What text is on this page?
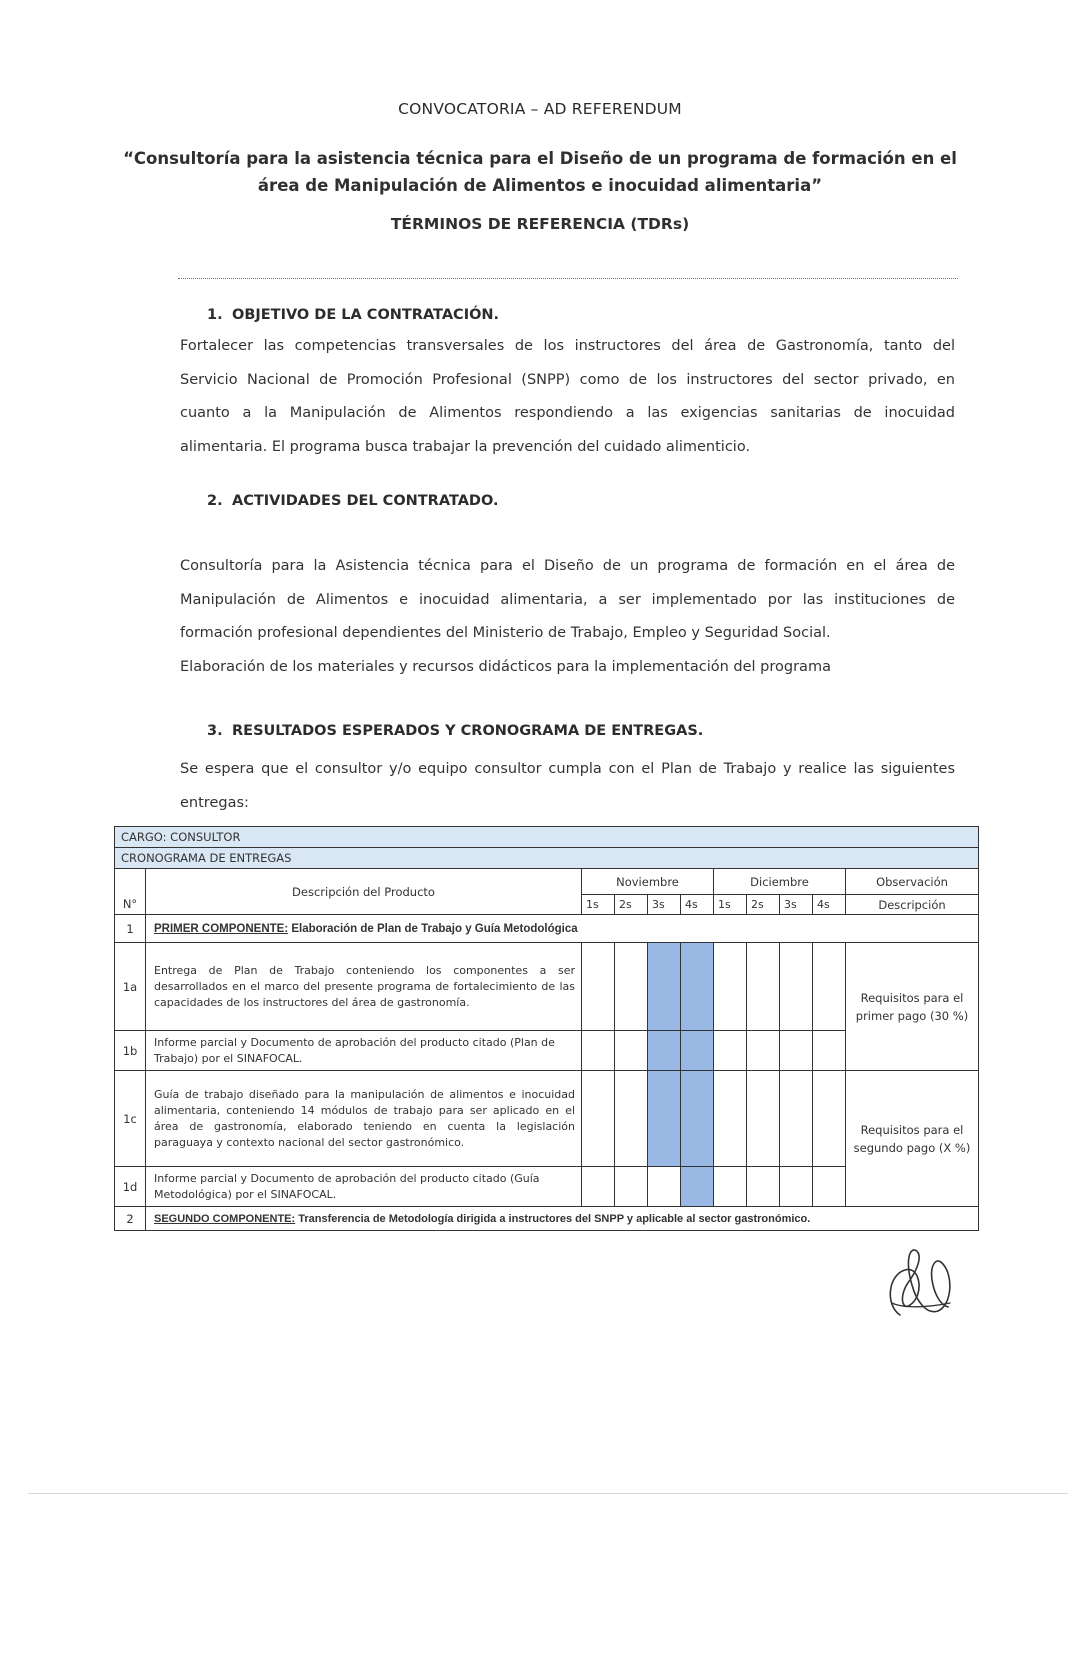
CONVOCATORIA – AD REFERENDUM
“Consultoría para la asistencia técnica para el Diseño de un programa de formación en el
área de Manipulación de Alimentos e inocuidad alimentaria”
TÉRMINOS DE REFERENCIA (TDRs)
1. OBJETIVO DE LA CONTRATACIÓN.
Fortalecer las competencias transversales de los instructores del área de Gastronomía, tanto del
Servicio Nacional de Promoción Profesional (SNPP) como de los instructores del sector privado, en
cuanto a la Manipulación de Alimentos respondiendo a las exigencias sanitarias de inocuidad
alimentaria. El programa busca trabajar la prevención del cuidado alimenticio.
2. ACTIVIDADES DEL CONTRATADO.
Consultoría para la Asistencia técnica para el Diseño de un programa de formación en el área de
Manipulación de Alimentos e inocuidad alimentaria, a ser implementado por las instituciones de
formación profesional dependientes del Ministerio de Trabajo, Empleo y Seguridad Social.
Elaboración de los materiales y recursos didácticos para la implementación del programa
3. RESULTADOS ESPERADOS Y CRONOGRAMA DE ENTREGAS.
Se espera que el consultor y/o equipo consultor cumpla con el Plan de Trabajo y realice las siguientes
entregas:
CARGO: CONSULTOR										
CRONOGRAMA DE ENTREGAS										
N°	Descripción del Producto	Noviembre				Diciembre				Observación
		1s	2s	3s	4s	1s	2s	3s	4s	Descripción
1	PRIMER COMPONENTE: Elaboración de Plan de Trabajo y Guía Metodológica									
1a	Entrega de Plan de Trabajo conteniendo los componentes a ser desarrollados en el marco del presente programa de fortalecimiento de las capacidades de los instructores del área de gastronomía.									Requisitos para el primer pago (30 %)
1b	Informe parcial y Documento de aprobación del producto citado (Plan de Trabajo) por el SINAFOCAL.									
1c	Guía de trabajo diseñado para la manipulación de alimentos e inocuidad alimentaria, conteniendo 14 módulos de trabajo para ser aplicado en el área de gastronomía, elaborado teniendo en cuenta la legislación paraguaya y contexto nacional del sector gastronómico.									Requisitos para el segundo pago (X %)
1d	Informe parcial y Documento de aprobación del producto citado (Guía Metodológica) por el SINAFOCAL.									
2	SEGUNDO COMPONENTE: Transferencia de Metodología dirigida a instructores del SNPP y aplicable al sector gastronómico.									
